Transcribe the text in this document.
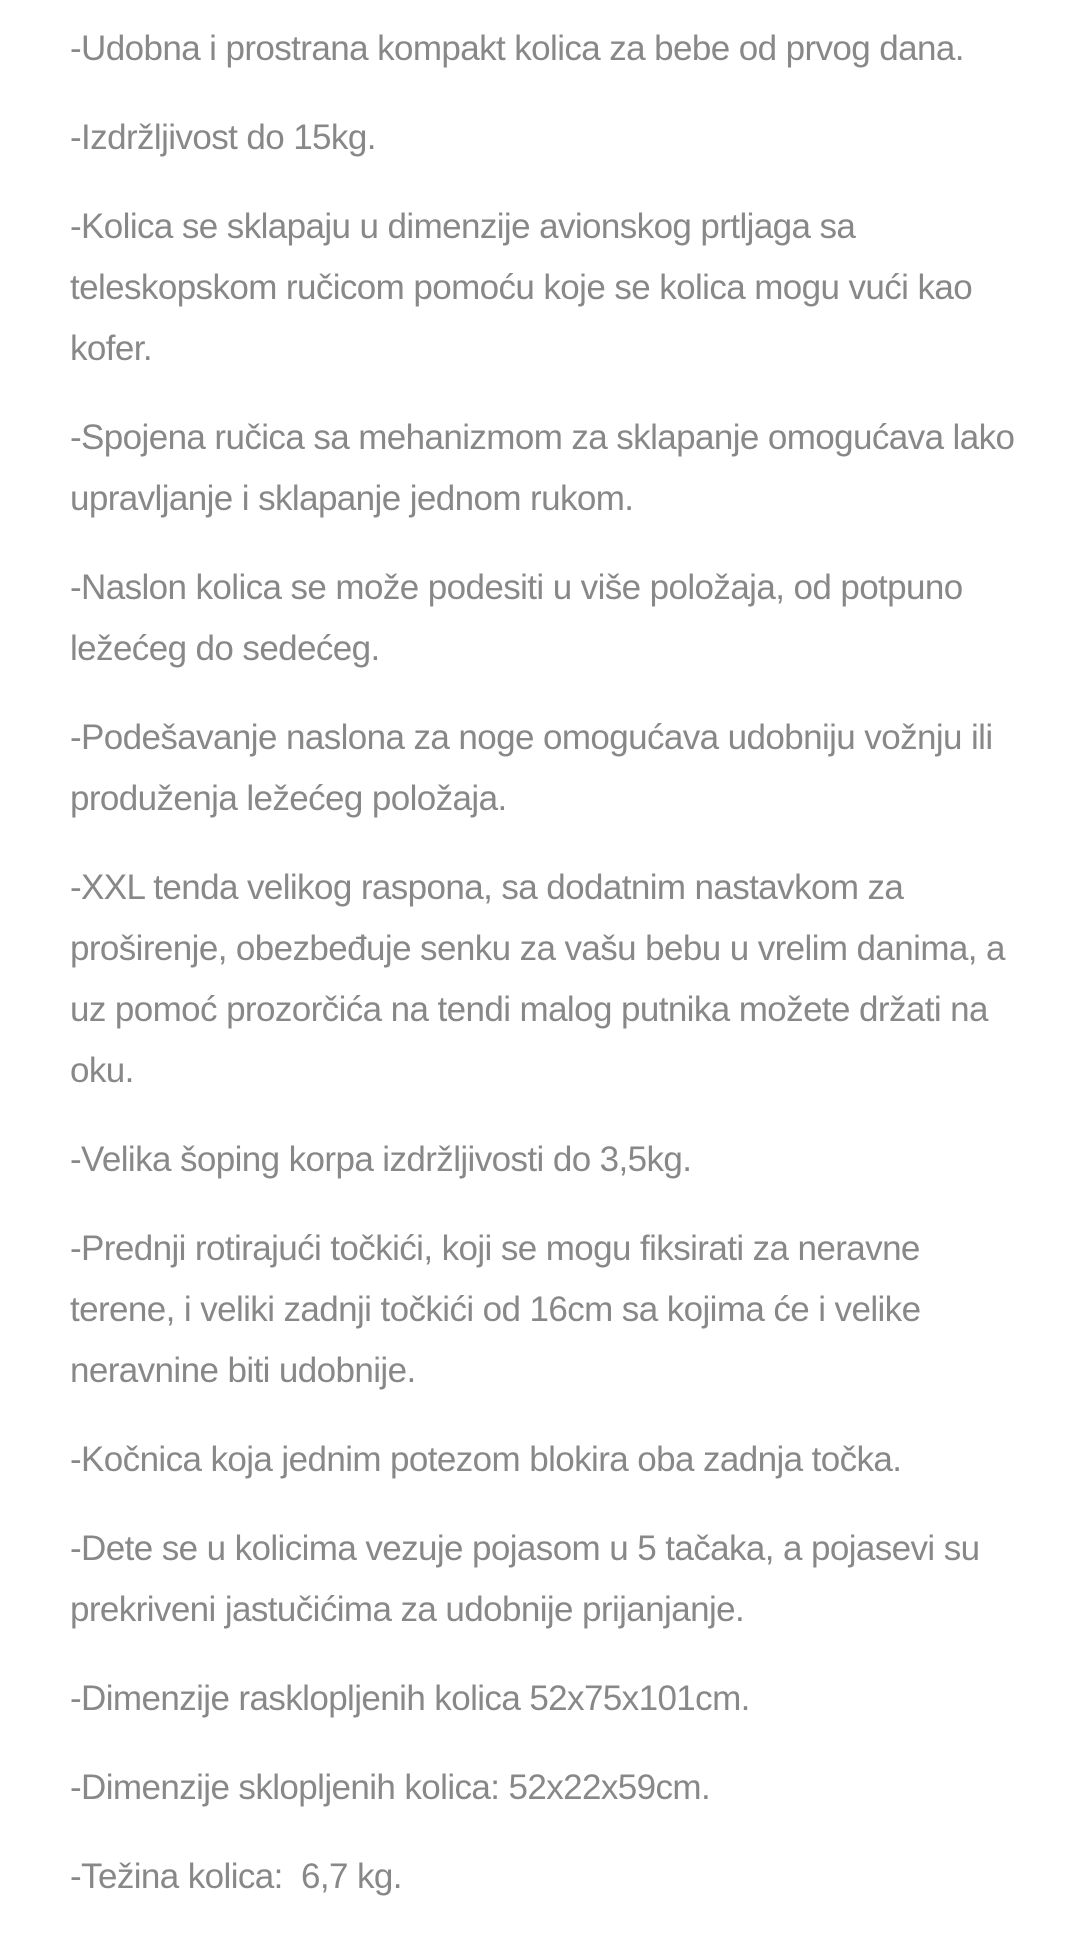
-Udobna i prostrana kompakt kolica za bebe od prvog dana.

-Izdržljivost do 15kg.

-Kolica se sklapaju u dimenzije avionskog prtljaga sa teleskopskom ručicom pomoću koje se kolica mogu vući kao kofer.

-Spojena ručica sa mehanizmom za sklapanje omogućava lako upravljanje i sklapanje jednom rukom.

-Naslon kolica se može podesiti u više položaja, od potpuno ležećeg do sedećeg.

-Podešavanje naslona za noge omogućava udobniju vožnju ili produženja ležećeg položaja.

-XXL tenda velikog raspona, sa dodatnim nastavkom za proširenje, obezbeđuje senku za vašu bebu u vrelim danima, a uz pomoć prozorčića na tendi malog putnika možete držati na oku.

-Velika šoping korpa izdržljivosti do 3,5kg.

-Prednji rotirajući točkići, koji se mogu fiksirati za neravne terene, i veliki zadnji točkići od 16cm sa kojima će i velike neravnine biti udobnije.

-Kočnica koja jednim potezom blokira oba zadnja točka.

-Dete se u kolicima vezuje pojasom u 5 tačaka, a pojasevi su prekriveni jastučićima za udobnije prijanjanje.

-Dimenzije rasklopljenih kolica 52x75x101cm.

-Dimenzije sklopljenih kolica: 52x22x59cm.

-Težina kolica:  6,7 kg.
